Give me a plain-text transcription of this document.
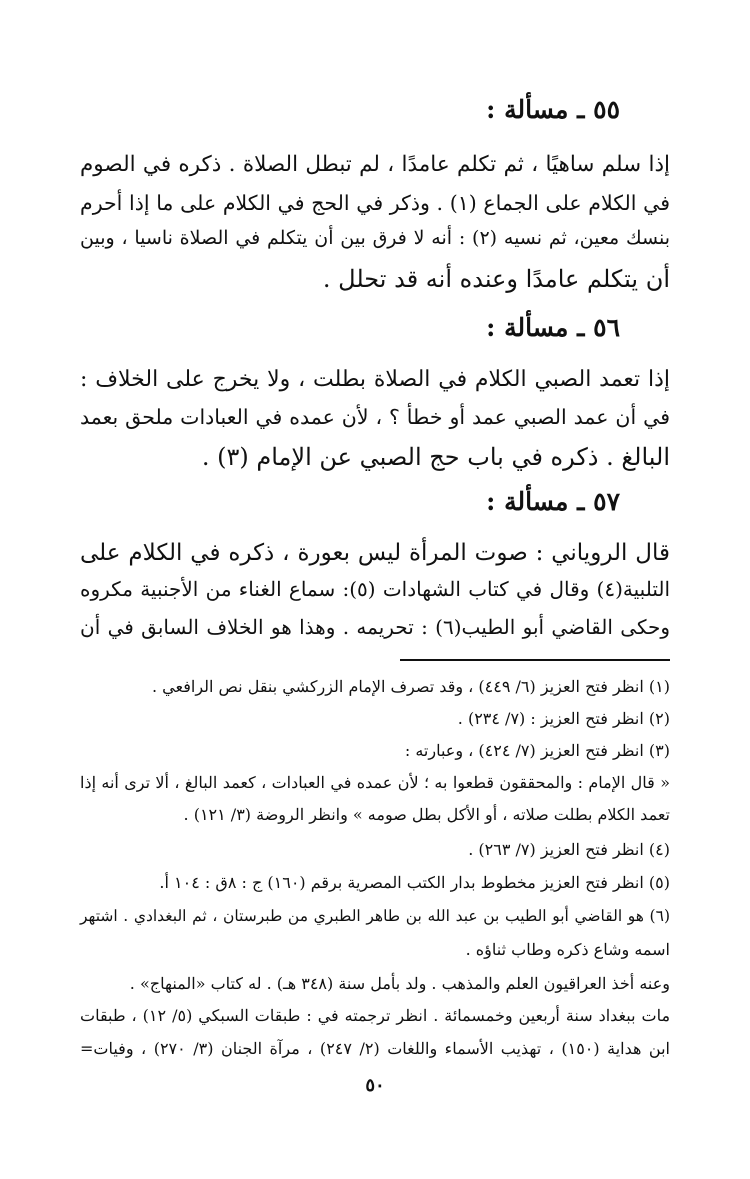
٥٥ ـ مسألة :
إذا سلم ساهيًا ، ثم تكلم عامدًا ، لم تبطل الصلاة . ذكره في الصوم
في الكلام على الجماع (١) . وذكر في الحج في الكلام على ما إذا أحرم
بنسك معين، ثم نسيه (٢) : أنه لا فرق بين أن يتكلم في الصلاة ناسيا ، وبين
أن يتكلم عامدًا وعنده أنه قد تحلل .
٥٦ ـ مسألة :
إذا تعمد الصبي الكلام في الصلاة بطلت ، ولا يخرج على الخلاف :
في أن عمد الصبي عمد أو خطأ ؟ ، لأن عمده في العبادات ملحق بعمد
البالغ . ذكره في باب حج الصبي عن الإمام (٣) .
٥٧ ـ مسألة :
قال الروياني : صوت المرأة ليس بعورة ، ذكره في الكلام على
التلبية(٤) وقال في كتاب الشهادات (٥): سماع الغناء من الأجنبية مكروه
وحكى القاضي أبو الطيب(٦) : تحريمه . وهذا هو الخلاف السابق في أن
(١) انظر فتح العزيز (٦/ ٤٤٩) ، وقد تصرف الإمام الزركشي بنقل نص الرافعي .
(٢) انظر فتح العزيز : (٧/ ٢٣٤) .
(٣) انظر فتح العزيز (٧/ ٤٢٤) ، وعبارته :
« قال الإمام : والمحققون قطعوا به ؛ لأن عمده في العبادات ، كعمد البالغ ، ألا ترى أنه إذا
تعمد الكلام بطلت صلاته ، أو الأكل بطل صومه » وانظر الروضة (٣/ ١٢١) .
(٤) انظر فتح العزيز (٧/ ٢٦٣) .
(٥) انظر فتح العزيز مخطوط بدار الكتب المصرية برقم (١٦٠) ج : ٨ق : ١٠٤ أ.
(٦) هو القاضي أبو الطيب بن عبد الله بن طاهر الطبري من طبرستان ، ثم البغدادي . اشتهر
اسمه وشاع ذكره وطاب ثناؤه .
وعنه أخذ العراقيون العلم والمذهب . ولد بأمل سنة (٣٤٨ هـ) . له كتاب «المنهاج» .
مات ببغداد سنة أربعين وخمسمائة . انظر ترجمته في : طبقات السبكي (٥/ ١٢) ، طبقات
ابن هداية (١٥٠) ، تهذيب الأسماء واللغات (٢/ ٢٤٧) ، مرآة الجنان (٣/ ٢٧٠) ، وفيات=
٥٠
